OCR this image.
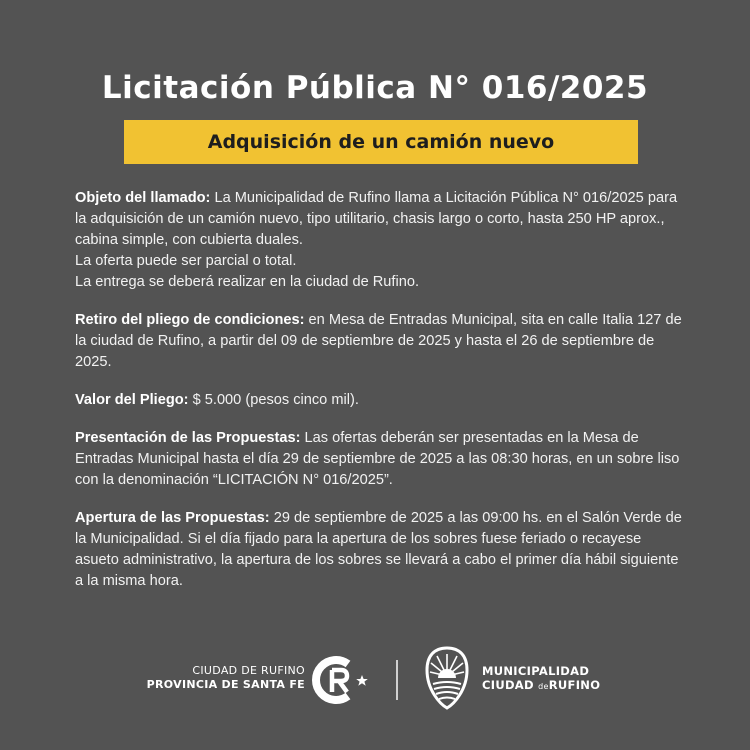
Licitación Pública N° 016/2025
Adquisición de un camión nuevo

Objeto del llamado: La Municipalidad de Rufino llama a Licitación Pública N° 016/2025 para la adquisición de un camión nuevo, tipo utilitario, chasis largo o corto, hasta 250 HP aprox., cabina simple, con cubierta duales.
La oferta puede ser parcial o total.
La entrega se deberá realizar en la ciudad de Rufino.

Retiro del pliego de condiciones: en Mesa de Entradas Municipal, sita en calle Italia 127 de la ciudad de Rufino, a partir del 09 de septiembre de 2025 y hasta el 26 de septiembre de 2025.

Valor del Pliego: $ 5.000 (pesos cinco mil).

Presentación de las Propuestas: Las ofertas deberán ser presentadas en la Mesa de Entradas Municipal hasta el día 29 de septiembre de 2025 a las 08:30 horas, en un sobre liso con la denominación “LICITACIÓN N° 016/2025”.

Apertura de las Propuestas: 29 de septiembre de 2025 a las 09:00 hs. en el Salón Verde de la Municipalidad. Si el día fijado para la apertura de los sobres fuese feriado o recayese asueto administrativo, la apertura de los sobres se llevará a cabo el primer día hábil siguiente a la misma hora.

CIUDAD DE RUFINO
PROVINCIA DE SANTA FE
MUNICIPALIDAD
CIUDAD deRUFINO
